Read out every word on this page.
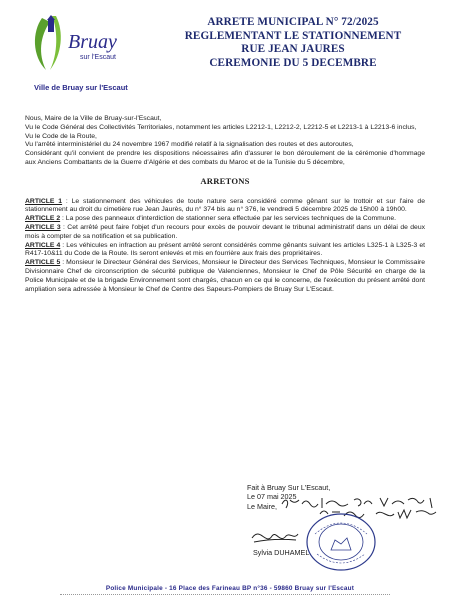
Bruay
sur l'Escaut
Ville de Bruay sur l'Escaut
ARRETE MUNICIPAL N° 72/2025
REGLEMENTANT LE STATIONNEMENT
RUE JEAN JAURES
CEREMONIE DU 5 DECEMBRE

Nous, Maire de la Ville de Bruay-sur-l'Escaut,

Vu le Code Général des Collectivités Territoriales, notamment les articles L2212-1, L2212-2, L2212-5 et L2213-1 à L2213-6 inclus,

Vu le Code de la Route,

Vu l'arrêté interministériel du 24 novembre 1967 modifié relatif à la signalisation des routes et des autoroutes,

Considérant qu'il convient de prendre les dispositions nécessaires afin d'assurer le bon déroulement de la cérémonie d'hommage aux Anciens Combattants de la Guerre d'Algérie et des combats du Maroc et de la Tunisie du 5 décembre,

ARRETONS

ARTICLE 1 : Le stationnement des véhicules de toute nature sera considéré comme gênant sur le trottoir et sur l'aire de stationnement au droit du cimetière rue Jean Jaurès, du n° 374 bis au n° 376, le vendredi 5 décembre 2025 de 15h00 à 19h00.

ARTICLE 2 : La pose des panneaux d'interdiction de stationner sera effectuée par les services techniques de la Commune.

ARTICLE 3 : Cet arrêté peut faire l'objet d'un recours pour excès de pouvoir devant le tribunal administratif dans un délai de deux mois à compter de sa notification et sa publication.

ARTICLE 4 : Les véhicules en infraction au présent arrêté seront considérés comme gênants suivant les articles L325-1 à L325-3 et R417-10&11 du Code de la Route. Ils seront enlevés et mis en fourrière aux frais des propriétaires.

ARTICLE 5 : Monsieur le Directeur Général des Services, Monsieur le Directeur des Services Techniques, Monsieur le Commissaire Divisionnaire Chef de circonscription de sécurité publique de Valenciennes, Monsieur le Chef de Pôle Sécurité en charge de la Police Municipale et de la brigade Environnement sont chargés, chacun en ce qui le concerne, de l'exécution du présent arrêté dont ampliation sera adressée à Monsieur le Chef de Centre des Sapeurs-Pompiers de Bruay Sur L'Escaut.

Fait à Bruay Sur L'Escaut,
Le 07 mai 2025
Le Maire,
Sylvia DUHAMEL
Police Municipale - 16 Place des Farineau BP n°36 - 59860 Bruay sur l'Escaut
